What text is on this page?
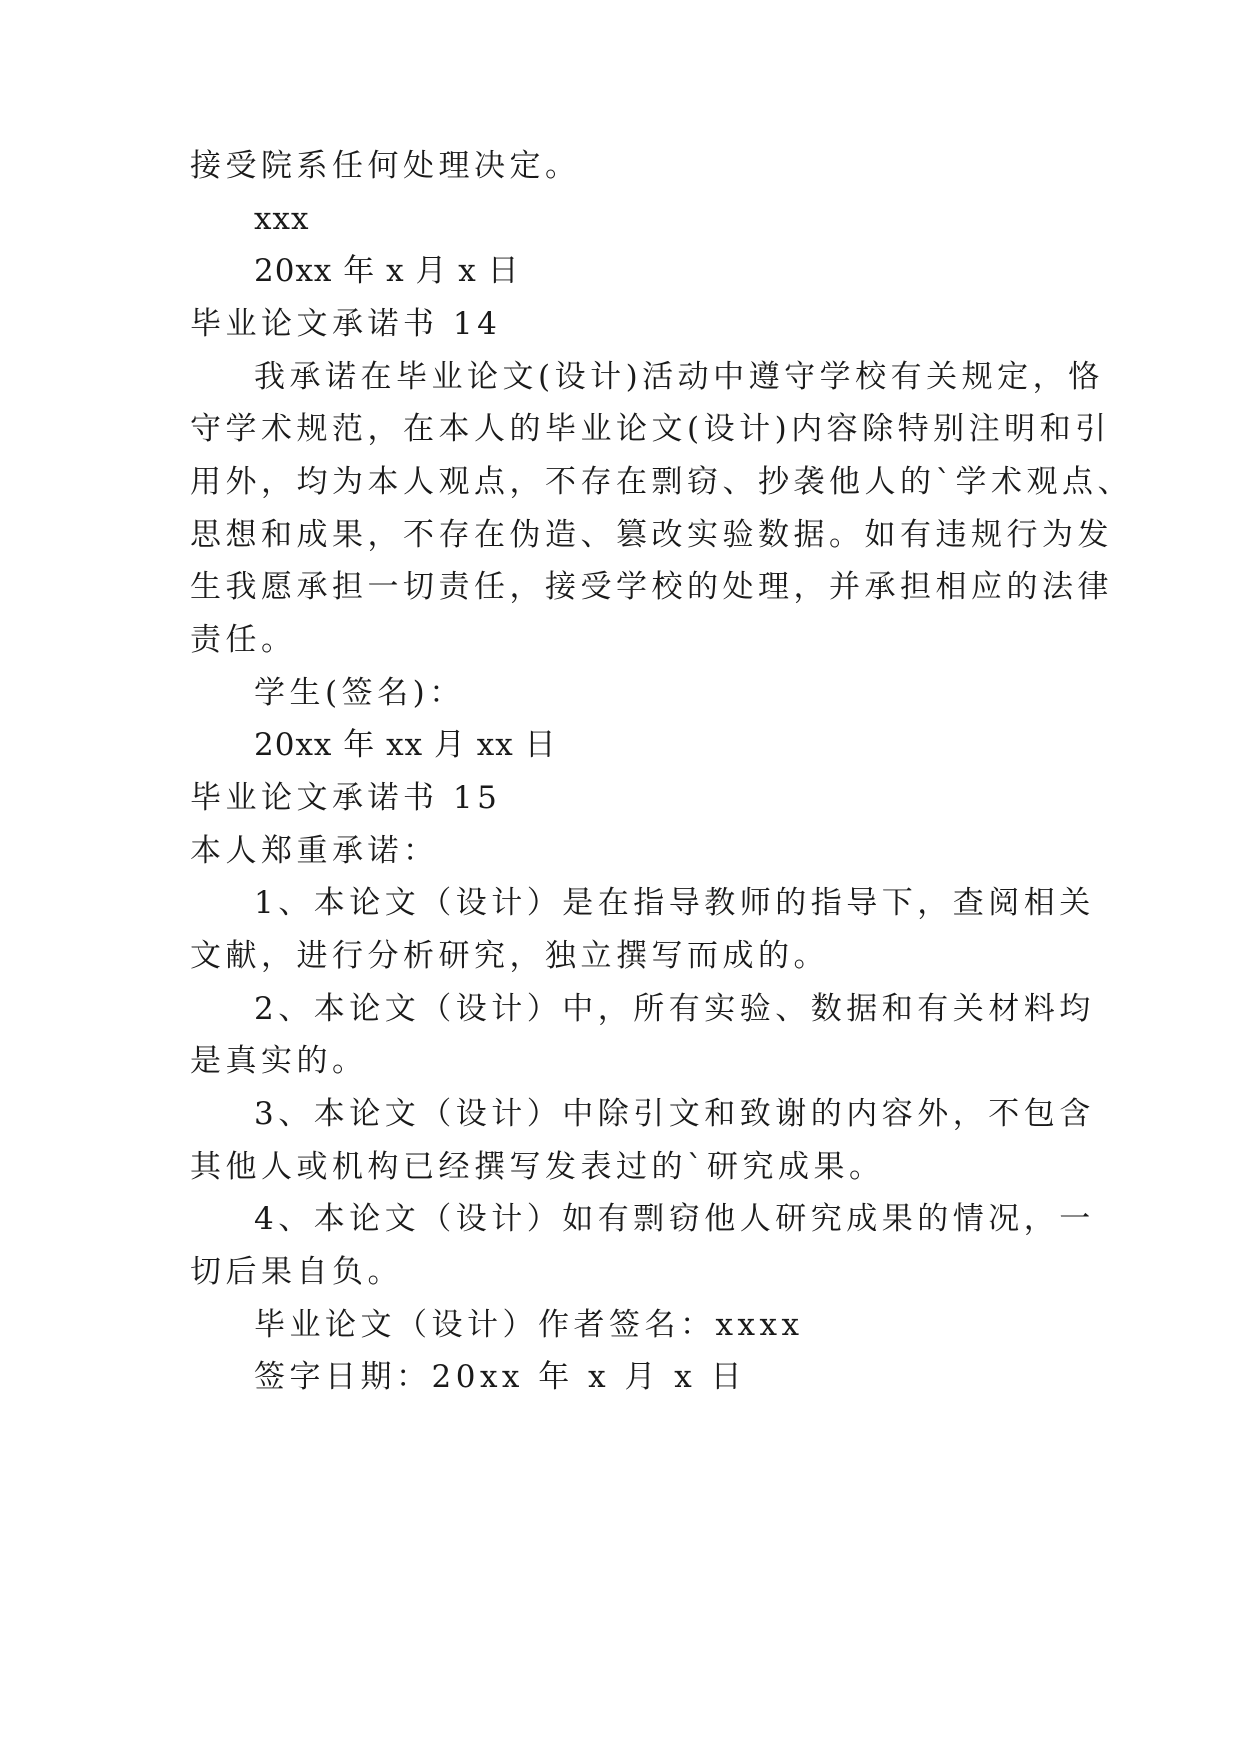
接受院系任何处理决定。
xxx
20xx 年 x 月 x 日
毕业论文承诺书 14
我承诺在毕业论文(设计)活动中遵守学校有关规定，恪
守学术规范，在本人的毕业论文(设计)内容除特别注明和引
用外，均为本人观点，不存在剽窃、抄袭他人的`学术观点、
思想和成果，不存在伪造、篡改实验数据。如有违规行为发
生我愿承担一切责任，接受学校的处理，并承担相应的法律
责任。
学生(签名)：
20xx 年 xx 月 xx 日
毕业论文承诺书 15
本人郑重承诺：
1、本论文（设计）是在指导教师的指导下，查阅相关
文献，进行分析研究，独立撰写而成的。
2、本论文（设计）中，所有实验、数据和有关材料均
是真实的。
3、本论文（设计）中除引文和致谢的内容外，不包含
其他人或机构已经撰写发表过的`研究成果。
4、本论文（设计）如有剽窃他人研究成果的情况，一
切后果自负。
毕业论文（设计）作者签名：xxxx
签字日期：20xx 年 x 月 x 日
